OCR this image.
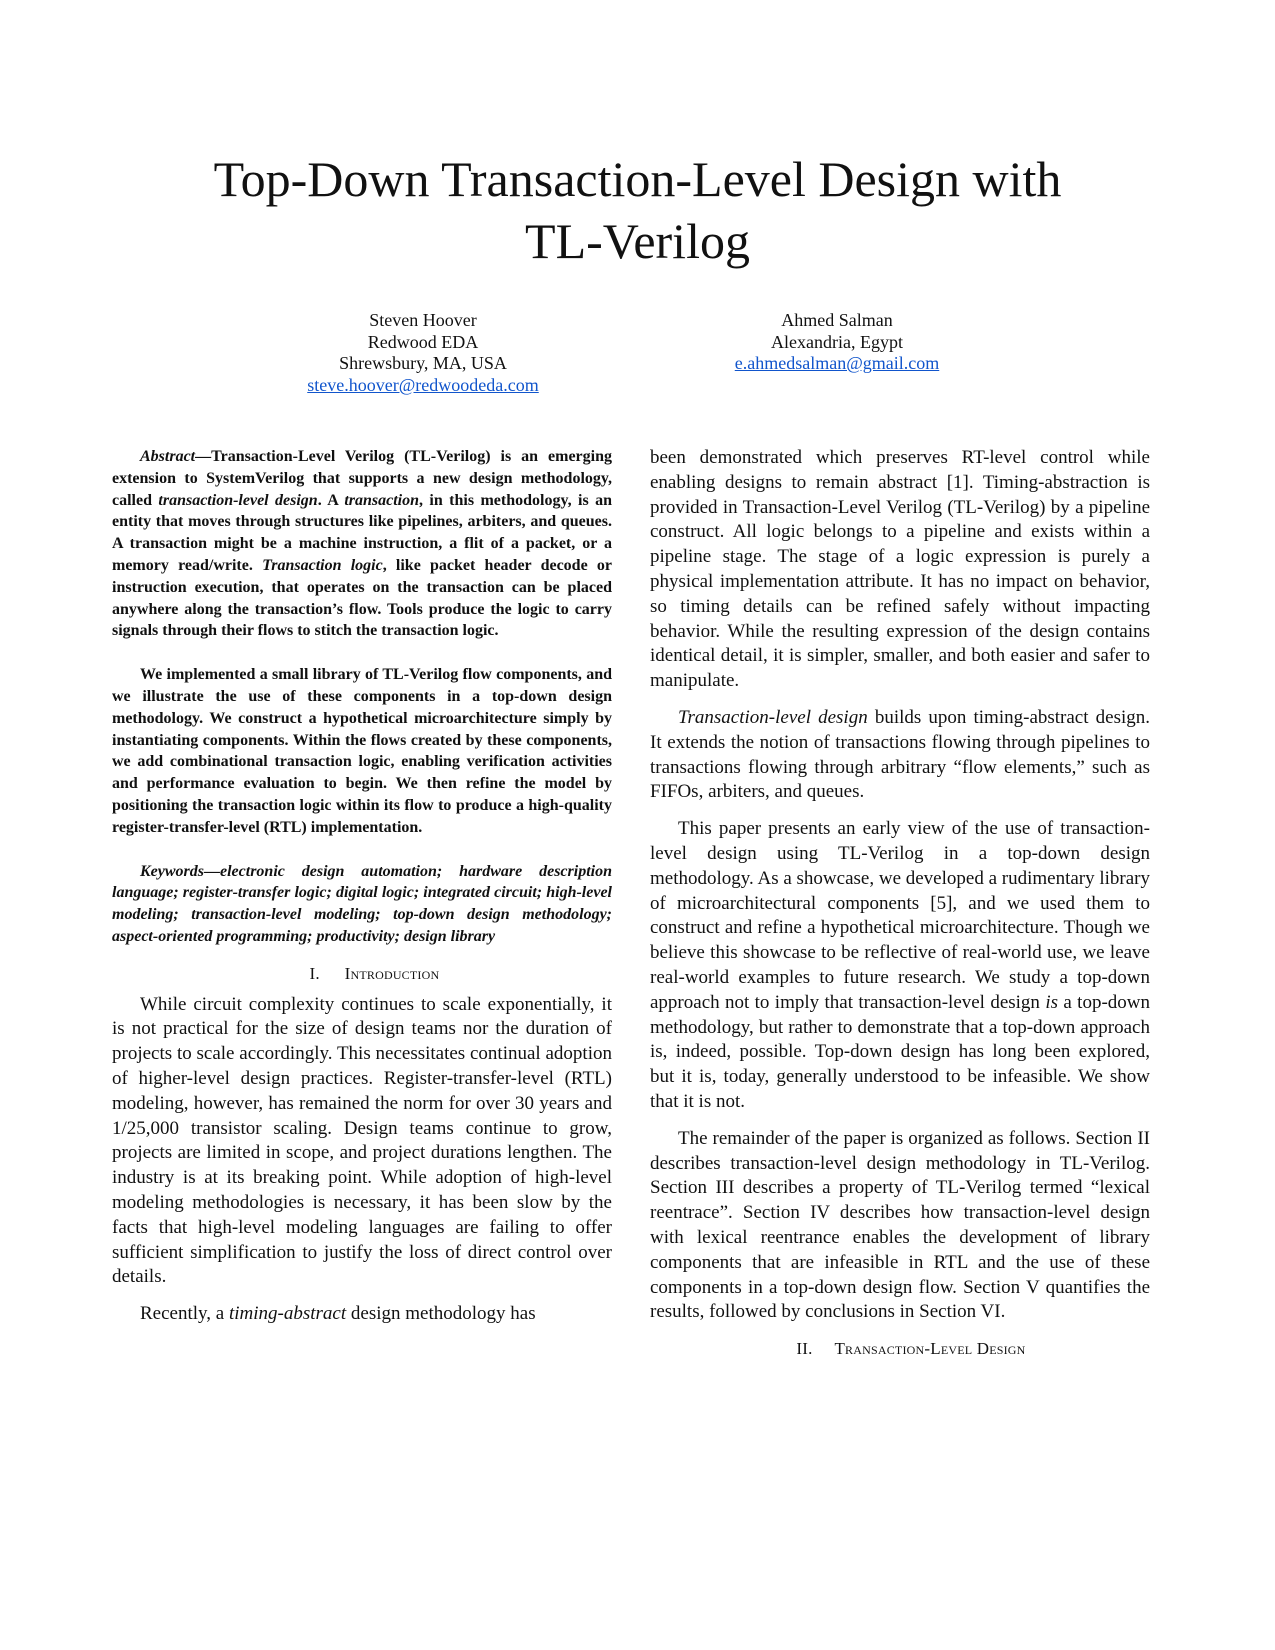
Top-Down Transaction-Level Design with
TL-Verilog
Steven Hoover
Redwood EDA
Shrewsbury, MA, USA
steve.hoover@redwoodeda.com
Ahmed Salman
Alexandria, Egypt
e.ahmedsalman@gmail.com

Abstract—Transaction-Level Verilog (TL-Verilog) is an emerging extension to SystemVerilog that supports a new design methodology, called transaction-level design. A transaction, in this methodology, is an entity that moves through structures like pipelines, arbiters, and queues. A transaction might be a machine instruction, a flit of a packet, or a memory read/write. Transaction logic, like packet header decode or instruction execution, that operates on the transaction can be placed anywhere along the transaction’s flow. Tools produce the logic to carry signals through their flows to stitch the transaction logic.

We implemented a small library of TL-Verilog flow components, and we illustrate the use of these components in a top-down design methodology. We construct a hypothetical microarchitecture simply by instantiating components. Within the flows created by these components, we add combinational transaction logic, enabling verification activities and performance evaluation to begin. We then refine the model by positioning the transaction logic within its flow to produce a high-quality register-transfer-level (RTL) implementation.

Keywords—electronic design automation; hardware description language; register-transfer logic; digital logic; integrated circuit; high-level modeling; transaction-level modeling; top-down design methodology; aspect-oriented programming; productivity; design library

I. Introduction

While circuit complexity continues to scale exponentially, it is not practical for the size of design teams nor the duration of projects to scale accordingly. This necessitates continual adoption of higher-level design practices. Register-transfer-level (RTL) modeling, however, has remained the norm for over 30 years and 1/25,000 transistor scaling. Design teams continue to grow, projects are limited in scope, and project durations lengthen. The industry is at its breaking point. While adoption of high-level modeling methodologies is necessary, it has been slow by the facts that high-level modeling languages are failing to offer sufficient simplification to justify the loss of direct control over details.

Recently, a timing-abstract design methodology has

been demonstrated which preserves RT-level control while enabling designs to remain abstract [1]. Timing-abstraction is provided in Transaction-Level Verilog (TL-Verilog) by a pipeline construct. All logic belongs to a pipeline and exists within a pipeline stage. The stage of a logic expression is purely a physical implementation attribute. It has no impact on behavior, so timing details can be refined safely without impacting behavior. While the resulting expression of the design contains identical detail, it is simpler, smaller, and both easier and safer to manipulate.

Transaction-level design builds upon timing-abstract design. It extends the notion of transactions flowing through pipelines to transactions flowing through arbitrary “flow elements,” such as FIFOs, arbiters, and queues.

This paper presents an early view of the use of transaction-level design using TL-Verilog in a top-down design methodology. As a showcase, we developed a rudimentary library of microarchitectural components [5], and we used them to construct and refine a hypothetical microarchitecture. Though we believe this showcase to be reflective of real-world use, we leave real-world examples to future research. We study a top-down approach not to imply that transaction-level design is a top-down methodology, but rather to demonstrate that a top-down approach is, indeed, possible. Top-down design has long been explored, but it is, today, generally understood to be infeasible. We show that it is not.

The remainder of the paper is organized as follows. Section II describes transaction-level design methodology in TL-Verilog. Section III describes a property of TL-Verilog termed “lexical reentrace”. Section IV describes how transaction-level design with lexical reentrance enables the development of library components that are infeasible in RTL and the use of these components in a top-down design flow. Section V quantifies the results, followed by conclusions in Section VI.

II. Transaction-Level Design
